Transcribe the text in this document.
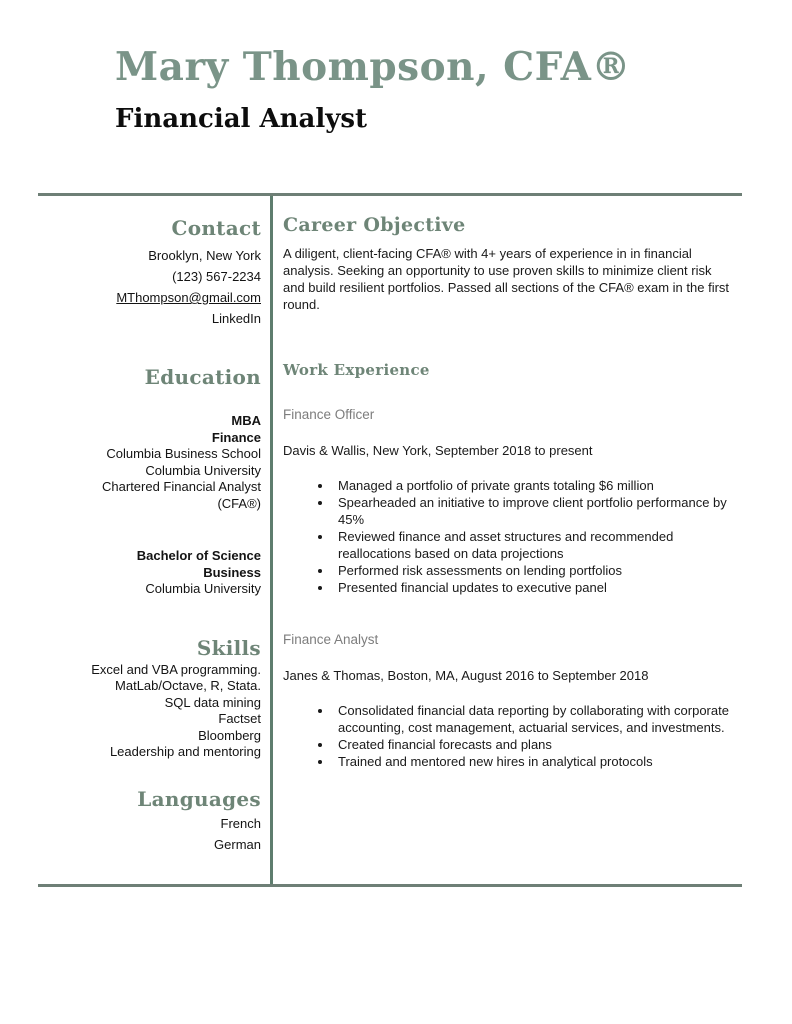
Mary Thompson, CFA®
Financial Analyst
Contact
Brooklyn, New York
(123) 567-2234
MThompson@gmail.com
LinkedIn
Education
MBA
Finance
Columbia Business School
Columbia University
Chartered Financial Analyst
(CFA®)
Bachelor of Science
Business
Columbia University
Skills
Excel and VBA programming.
MatLab/Octave, R, Stata.
SQL data mining
Factset
Bloomberg
Leadership and mentoring
Languages
French
German
Career Objective
A diligent, client-facing CFA® with 4+ years of experience in in financial analysis. Seeking an opportunity to use proven skills to minimize client risk and build resilient portfolios. Passed all sections of the CFA® exam in the first round.
Work Experience
Finance Officer
Davis & Wallis, New York, September 2018 to present
• Managed a portfolio of private grants totaling $6 million
• Spearheaded an initiative to improve client portfolio performance by 45%
• Reviewed finance and asset structures and recommended reallocations based on data projections
• Performed risk assessments on lending portfolios
• Presented financial updates to executive panel
Finance Analyst
Janes & Thomas, Boston, MA, August 2016 to September 2018
• Consolidated financial data reporting by collaborating with corporate accounting, cost management, actuarial services, and investments.
• Created financial forecasts and plans
• Trained and mentored new hires in analytical protocols
